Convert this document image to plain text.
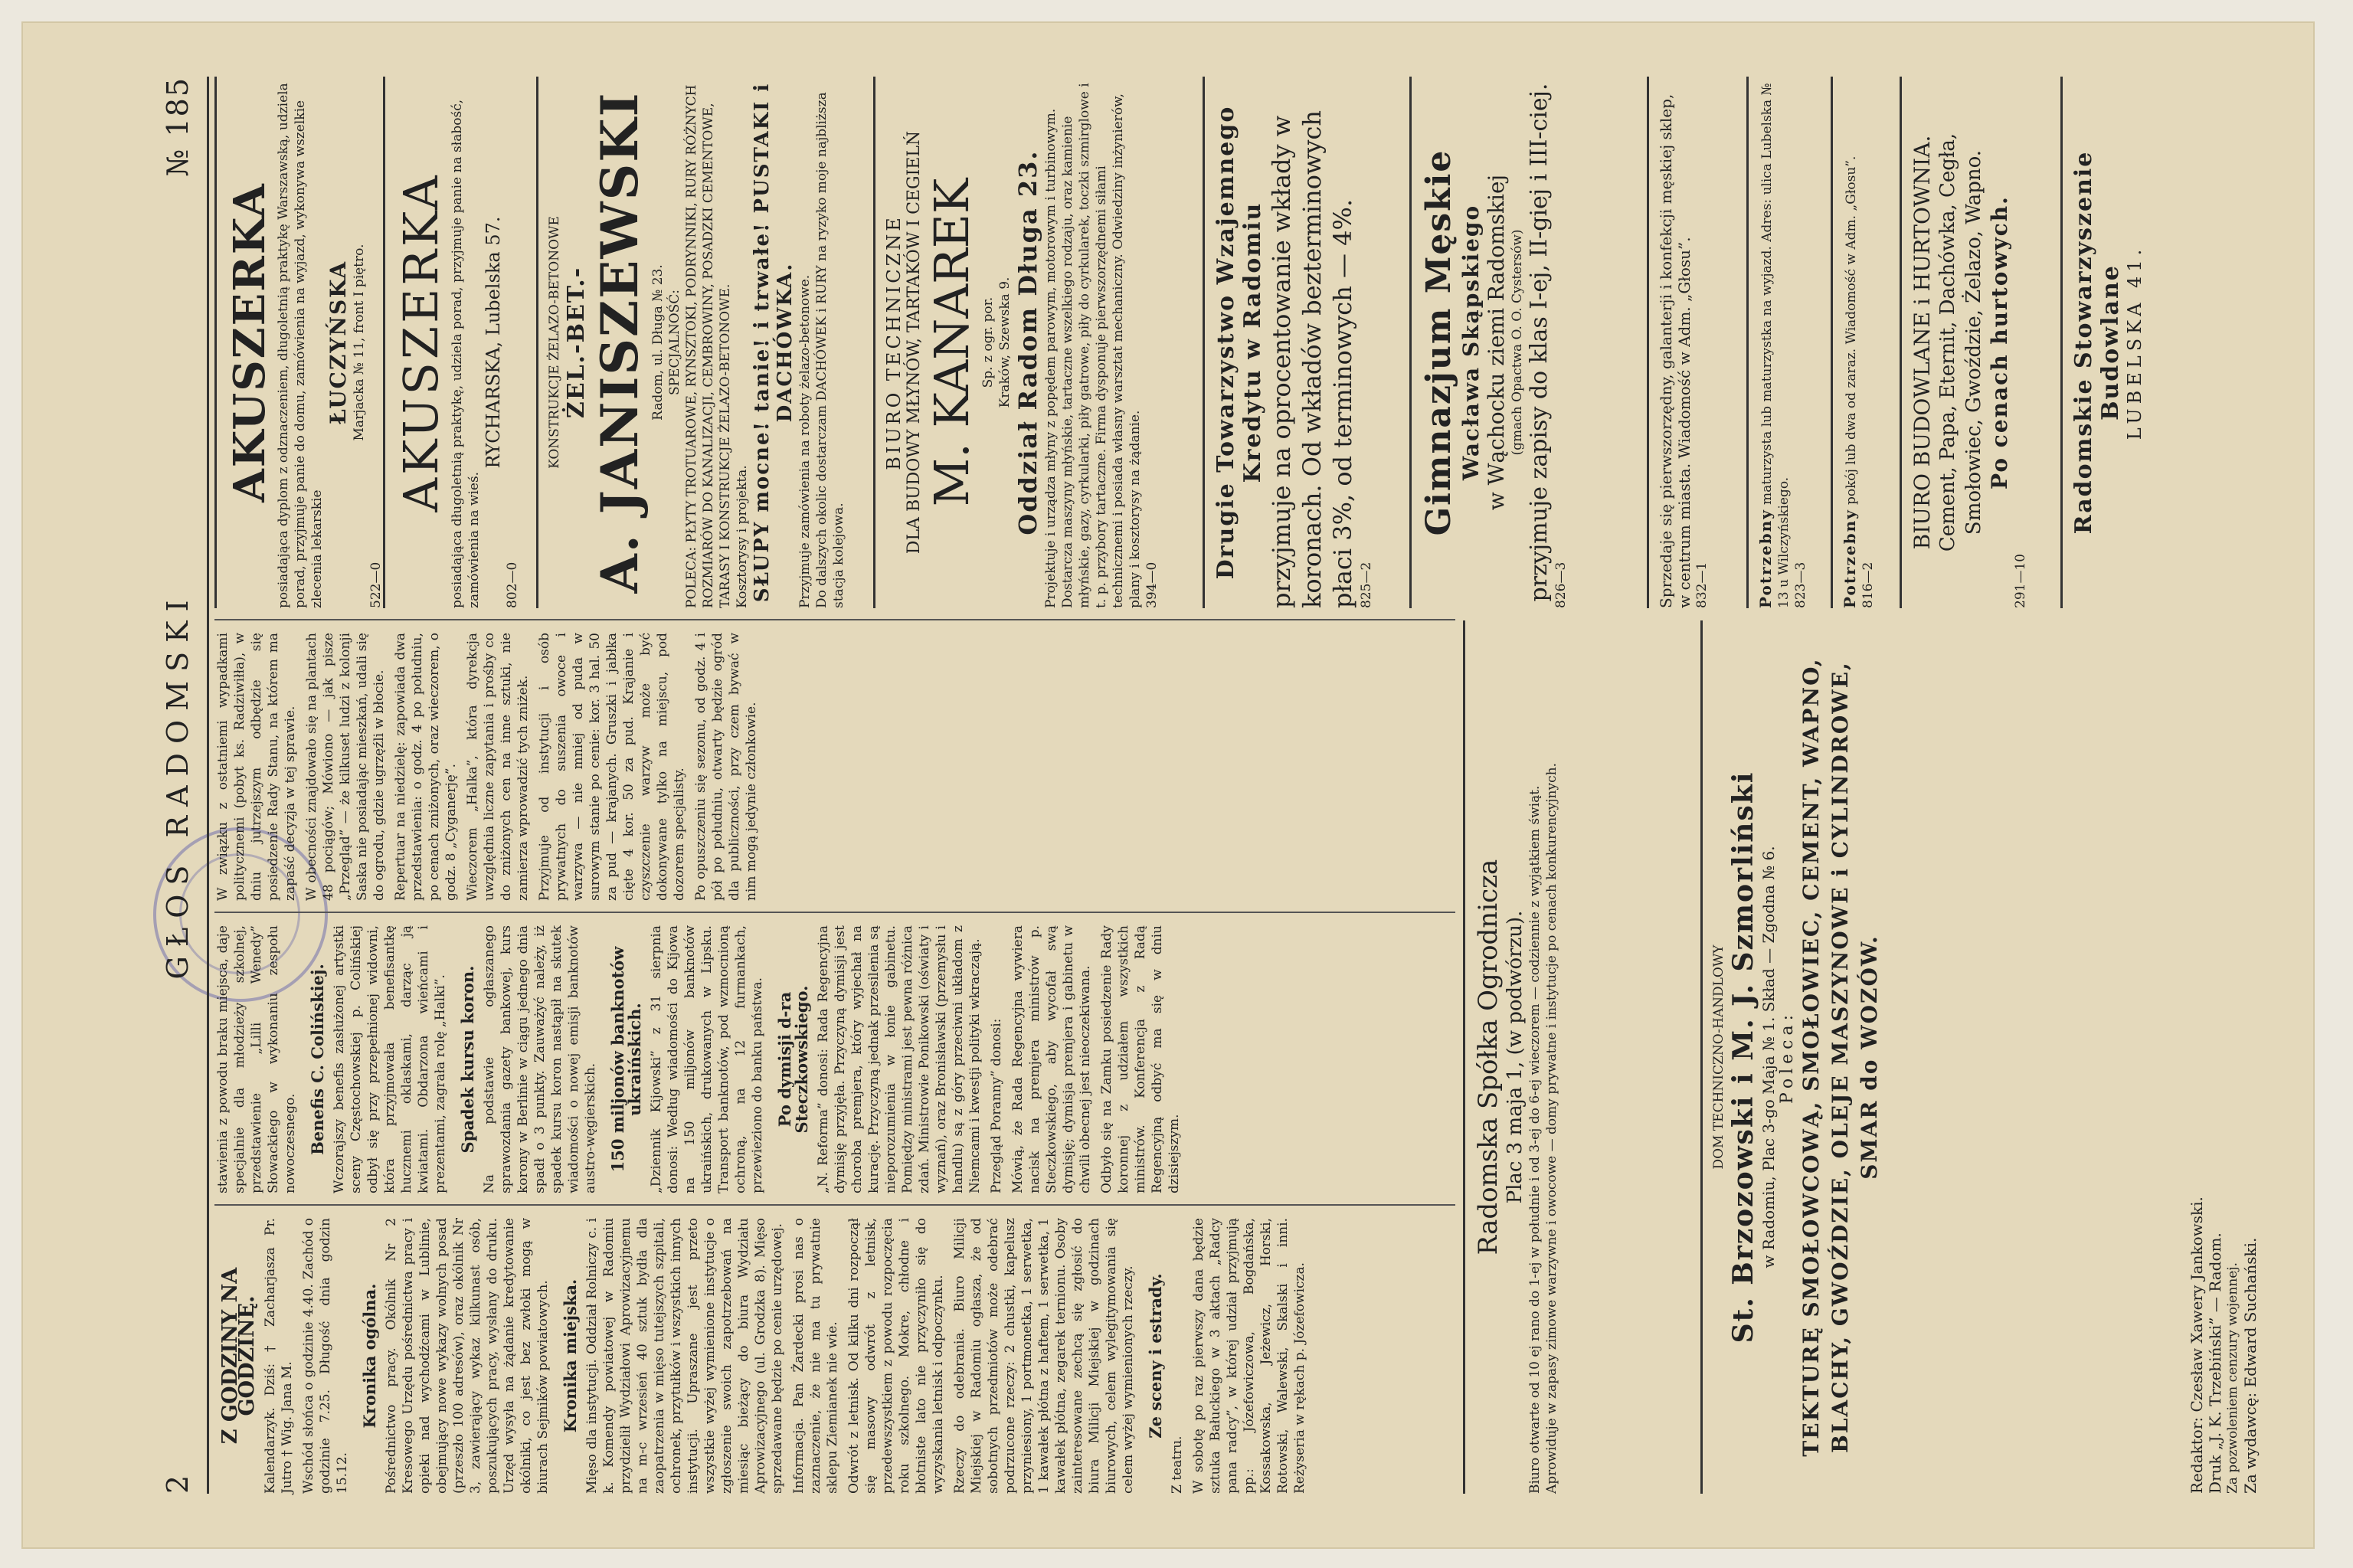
2
GŁOS RADOMSKI
№ 185
Z GODZINY NA GODZINĘ. Kalendarzyk. Dziś: † Zacharjasza Pr. Jutro † Wig. Jana M. Wschód słońca o godzinie 4.40. Zachód o godzinie 7.25. Długość dnia godzin 15.12.

Kronika ogólna. Pośrednictwo pracy. Okólnik Nr 2 Kresowego Urzędu pośrednictwa pracy i opieki nad wychodźcami w Lublinie, obejmujący nowe wykazy wolnych posad (przeszło 100 adresów), oraz okólnik Nr 3, zawierający wykaz kilkunast osób, poszukujących pracy, wysłany do druku. Urzęd wysyła na żądanie kredytowanie okólniki, co jest bez zwłoki mogą w biurach Sejmików powiatowych. Kronika miejska. Mięso dla instytucji. Oddział Rolniczy c. i k. Komendy powiatowej w Radomiu przydzielił Wydziałowi Aprowizacyjnemu na m-c wrzesień 40 sztuk bydła dla zaopatrzenia w mięso tutejszych szpitali, ochronek, przytułków i wszystkich innych instytucji. Upraszane jest przeto wszystkie wyżej wymienione instytucje o zgłoszenie swoich zapotrzebowań na miesiąc bieżący do biura Wydziału Aprowizacyjnego (ul. Grodzka 8). Mięso sprzedawane będzie po cenie urzędowej. Informacja. Pan Żardecki prosi nas o zaznaczenie, że nie ma tu prywatnie sklepu Ziemianek nie wie. Odwrót z letnisk. Od kilku dni rozpoczął się masowy odwrót z letnisk, przedewszystkiem z powodu rozpoczęcia roku szkolnego. Mokre, chłodne i błotniste lato nie przyczyniło się do wyzyskania letnisk i odpoczynku. Rzeczy do odebrania. Biuro Milicji Miejskiej w Radomiu ogłasza, że od sobotnych przedmiotów może odebrać podrzucone rzeczy: 2 chustki, kapelusz przyniesiony, 1 portmonetka, 1 serwetka, 1 kawałek płótna z haftem, 1 serwetka, 1 kawałek płótna, zegarek ternionu. Osoby zainteresowane zechcą się zgłosić do biura Milicji Miejskiej w godzinach biurowych, celem wylegitymowania się celem wyżej wymienionych rzeczy. Ze sceny i estrady.

Z teatru. W sobotę po raz pierwszy dana będzie sztuka Bałuckiego w 3 aktach „Radcy pana radcy”, w której udział przyjmują pp.: Józefowiczowa, Bogdańska, Kossakowska, Jeżewicz, Horski, Rotowski, Walewski, Skalski i inni. Reżyseria w rękach p. Józefowicza.

stawienia z powodu braku miejsca, daje specjalnie dla młodzieży szkolnej, przedstawienie „Lilli Wenedy” Słowackiego w wykonaniu zespołu nowoczesnego. Benefis C. Colińskiej. Wczorajszy benefis zasłużonej artystki sceny Częstochowskiej p. Colińskiej odbył się przy przepełnionej widowni, która przyjmowała benefisantkę hucznemi oklaskami, darząc ją kwiatami. Obdarzona wieńcami i prezentami, zagrała rolę „Halki”. Spadek kursu koron. Na podstawie ogłaszanego sprawozdania gazety bankowej, kurs korony w Berlinie w ciągu jednego dnia spadł o 3 punkty. Zauważyć należy, iż spadek kursu koron nastąpił na skutek wiadomości o nowej emisji banknotów austro-węgierskich. 150 miljonów banknotów ukraińskich. „Dziennik Kijowski” z 31 sierpnia donosi: Według wiadomości do Kijowa na 150 miljonów banknotów ukraińskich, drukowanych w Lipsku. Transport banknotów, pod wzmocnioną ochroną, na 12 furmankach, przewieziono do banku państwa. Po dymisji d-ra Steczkowskiego. „N. Reforma” donosi: Rada Regencyjna dymisję przyjęła. Przyczyną dymisji jest choroba premjera, który wyjechał na kurację. Przyczyną jednak przesilenia są nieporozumienia w łonie gabinetu. Pomiędzy ministrami jest pewna różnica zdań. Ministrowie Ponikowski (oświaty i wyznań), oraz Bronisławski (przemysłu i handlu) są z góry przeciwni układom z Niemcami i kwestji polityki wkraczają. Przegląd Poranny” donosi: Mówią, że Rada Regencyjna wywiera nacisk na premjera ministrów p. Steczkowskiego, aby wycofał swą dymisję; dymisja premjera i gabinetu w chwili obecnej jest nieoczekiwana. Odbyło się na Zamku posiedzenie Rady koronnej z udziałem wszystkich ministrów. Konferencja z Radą Regencyjną odbyć ma się w dniu dzisiejszym.

W związku z ostatniemi wypadkami politycznemi (pobyt ks. Radziwiłła), w dniu jutrzejszym odbędzie się posiedzenie Rady Stanu, na którem ma zapaść decyzja w tej sprawie. W obecności znajdowało się na plantach 48 pociągów; Mówiono — jak pisze „Przegląd” — że kilkuset ludzi z kolonji Saska nie posiadając mieszkań, udali się do ogrodu, gdzie ugrzęźli w błocie. Repertuar na niedzielę: zapowiada dwa przedstawienia: o godz. 4 po południu, po cenach zniżonych, oraz wieczorem, o godz. 8 „Cyganerję”. Wieczorem „Halka”, która dyrekcja uwzględnia liczne zapytania i prośby co do zniżonych cen na inne sztuki, nie zamierza wprowadzić tych zniżek. Przyjmuje od instytucji i osób prywatnych do suszenia owoce i warzywa — nie mniej od puda w surowym stanie po cenie: kor. 3 hal. 50 za pud — krajanych. Gruszki i jabłka cięte 4 kor. 50 za pud. Krajanie i czyszczenie warzyw może być dokonywane tylko na miejscu, pod dozorem specjalisty. Po opuszczeniu się sezonu, od godz. 4 i pół po południu, otwarty będzie ogród dla publiczności, przy czem bywać w nim mogą jedynie członkowie.

AKUSZERKA posiadająca dyplom z odznaczeniem, długoletnią praktykę Warszawską, udziela porad, przyjmuje panie do domu, zamówienia na wyjazd, wykonywa wszelkie zlecenia lekarskie
ŁUCZYŃSKA Marjacka № 11, front I piętro.
522—0
AKUSZERKA posiadająca długoletnią praktykę, udziela porad, przyjmuje panie na słabość, zamówienia na wieś.
RYCHARSKA, Lubelska 57.
802—0
KONSTRUKCJE ŻELAZO-BETONOWE ŻEL.-BET.- A. JANISZEWSKI Radom, ul. Długa № 23. SPECJALNOŚĆ: POLECA: PŁYTY TROTUAROWE, RYNSZTOKI, PODRYNNIKI, RURY RÓŻNYCH ROZMIARÓW DO KANALIZACJI, CEMBROWINY, POSADZKI CEMENTOWE, TARASY I KONSTRUKCJE ŻELAZO-BETONOWE. Kosztorysy i projekta. SŁUPY mocne! tanie! i trwałe! PUSTAKI i DACHÓWKA. Przyjmuje zamówienia na roboty żelazo-betonowe. Do dalszych okolic dostarczam DACHÓWEK i RURY na ryzyko moje najbliższa stacja kolejowa.
BIURO TECHNICZNE DLA BUDOWY MŁYNÓW, TARTAKÓW I CEGIELŃ M. KANAREK Sp. z ogr. por. Kraków, Szewska 9. Oddział Radom Długa 23. Projektuje i urządza młyny z popędem parowym, motorowym i turbinowym. Dostarcza maszyny młyńskie, tartaczne wszelkiego rodzaju, oraz kamienie młyńskie, gazy, cyrkularki, piły gatrowe, piły do cyrkularek, toczki szmirglowe i t. p. przybory tartaczne. Firma dysponuje pierwszorzędnemi siłami technicznemi i posiada własny warsztat mechaniczny. Odwiedziny inżynierów, plany i kosztorysy na żądanie. 394—0
Drugie Towarzystwo Wzajemnego Kredytu w Radomiu przyjmuje na oprocentowanie wkłady w koronach. Od wkładów bezterminowych płaci 3%, od terminowych — 4%. 825—2
Gimnazjum Męskie Wacława Skąpskiego w Wąchocku ziemi Radomskiej (gmach Opactwa O. O. Cystersów) przyjmuje zapisy do klas I-ej, II-giej i III-ciej. 826—3	Sprzedaje się pierwszorzędny, galanterji i konfekcji męskiej sklep, w centrum miasta. Wiadomość w Adm. „Głosu”. 832—1	Potrzebny maturzysta lub maturzystka na wyjazd. Adres: ulica Lubelska № 13 u Wilczyńskiego. 823—3	Potrzebny pokój lub dwa od zaraz. Wiadomość w Adm. „Głosu”.
816—2
BIURO BUDOWLANE i HURTOWNIA. Cement, Papa, Eternit, Dachówka, Cegła, Smołowiec, Gwoździe, Żelazo, Wapno. Po cenach hurtowych.
291—10
Radomskie Stowarzyszenie Budowlane LUBELSKA 41.
Radomska Spółka Ogrodnicza Plac 3 maja 1, (w podwórzu). Biuro otwarte od 10 ej rano do 1-ej w południe i od 3-ej do 6-ej wieczorem — codziennie z wyjątkiem świąt. Aprowiduje w zapasy zimowe warzywne i owocowe — domy prywatne i instytucje po cenach konkurencyjnych.	DOM TECHNICZNO-HANDLOWY St. Brzozowski i M. J. Szmorliński w Radomiu, Plac 3-go Maja № 1. Skład — Zgodna № 6. Poleca: TEKTURĘ SMOŁOWCOWĄ, SMOŁOWIEC, CEMENT, WAPNO, BLACHY, GWOŹDZIE, OLEJE MASZYNOWE i CYLINDROWE, SMAR do WOZÓW.
Redaktor: Czesław Xawery Jankowski. Druk „J. K. Trzebiński” — Radom. Za pozwoleniem cenzury wojennej. Za wydawcę: Edward Suchański.
